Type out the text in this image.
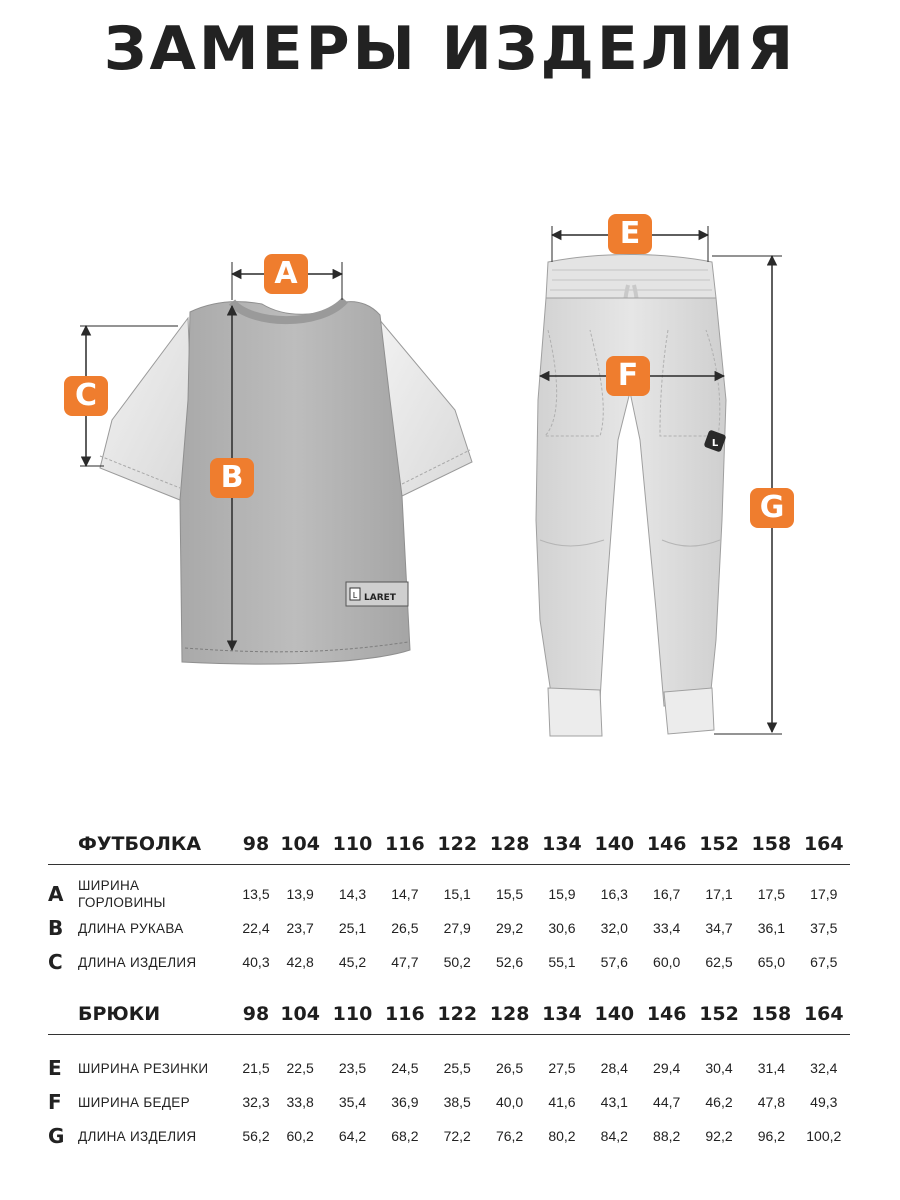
ЗАМЕРЫ ИЗДЕЛИЯ
L LARET
L
A
B
C
E
F
G
ФУТБОЛКА		98	104	110	116	122	128	134	140	146	152	158	164

A	ШИРИНА
ГОРЛОВИНЫ	13,5	13,9	14,3	14,7	15,1	15,5	15,9	16,3	16,7	17,1	17,5	17,9
B	ДЛИНА РУКАВА	22,4	23,7	25,1	26,5	27,9	29,2	30,6	32,0	33,4	34,7	36,1	37,5
C	ДЛИНА ИЗДЕЛИЯ	40,3	42,8	45,2	47,7	50,2	52,6	55,1	57,6	60,0	62,5	65,0	67,5
БРЮКИ		98	104	110	116	122	128	134	140	146	152	158	164

E	ШИРИНА РЕЗИНКИ	21,5	22,5	23,5	24,5	25,5	26,5	27,5	28,4	29,4	30,4	31,4	32,4
F	ШИРИНА БЕДЕР	32,3	33,8	35,4	36,9	38,5	40,0	41,6	43,1	44,7	46,2	47,8	49,3
G	ДЛИНА ИЗДЕЛИЯ	56,2	60,2	64,2	68,2	72,2	76,2	80,2	84,2	88,2	92,2	96,2	100,2
